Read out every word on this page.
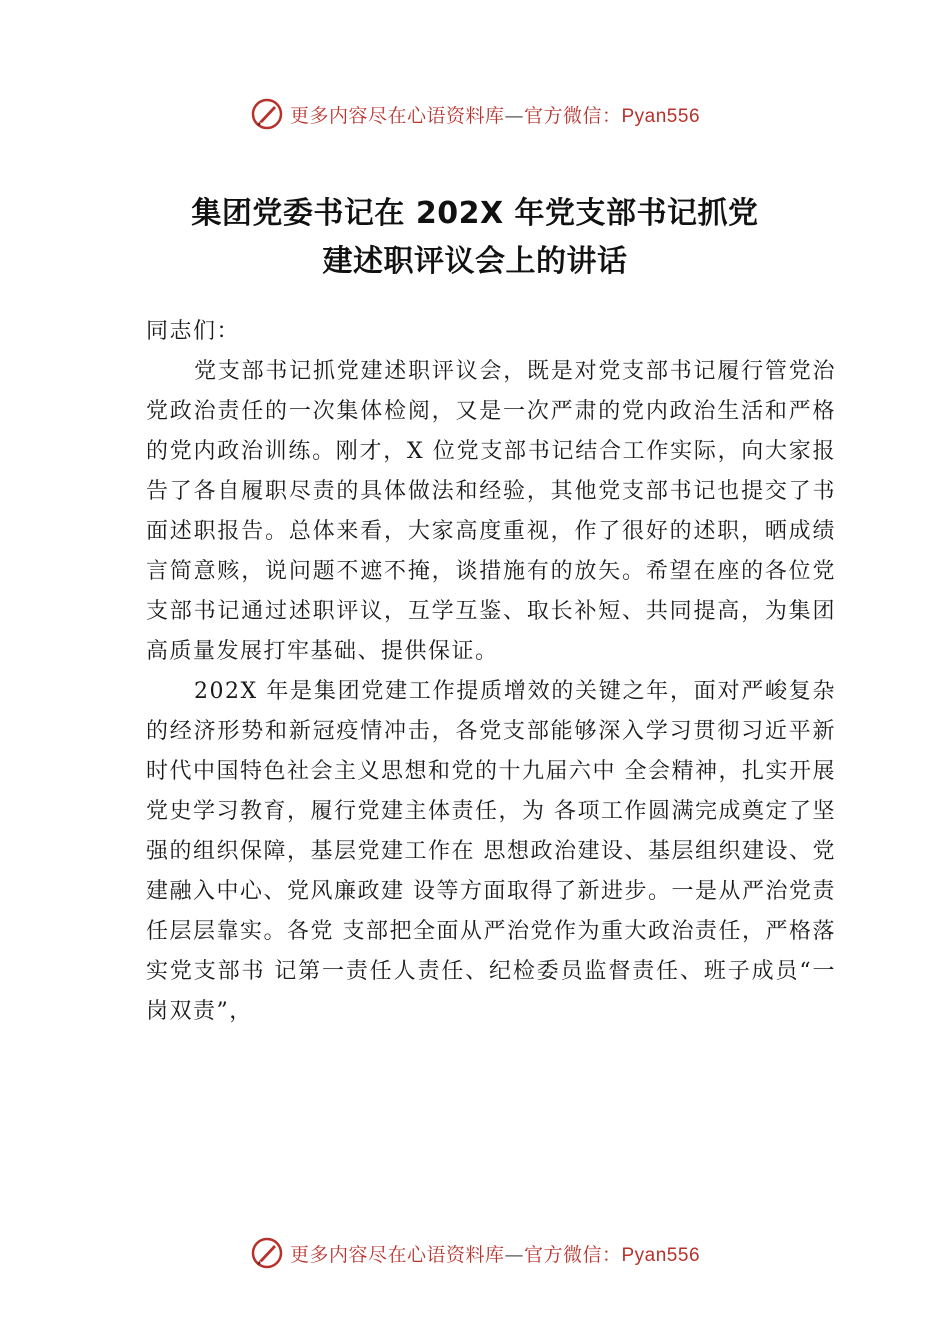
更多内容尽在心语资料库—官方微信：Pyan556
集团党委书记在 202X 年党支部书记抓党
建述职评议会上的讲话

同志们：

党支部书记抓党建述职评议会，既是对党支部书记履行管党治党政治责任的一次集体检阅，又是一次严肃的党内政治生活和严格的党内政治训练。刚才，X 位党支部书记结合工作实际，向大家报告了各自履职尽责的具体做法和经验，其他党支部书记也提交了书面述职报告。总体来看，大家高度重视，作了很好的述职，晒成绩言简意赅，说问题不遮不掩，谈措施有的放矢。希望在座的各位党支部书记通过述职评议，互学互鉴、取长补短、共同提高，为集团高质量发展打牢基础、提供保证。

202X 年是集团党建工作提质增效的关键之年，面对严峻复杂的经济形势和新冠疫情冲击，各党支部能够深入学习贯彻习近平新时代中国特色社会主义思想和党的十九届六中 全会精神，扎实开展党史学习教育，履行党建主体责任，为 各项工作圆满完成奠定了坚强的组织保障，基层党建工作在 思想政治建设、基层组织建设、党建融入中心、党风廉政建 设等方面取得了新进步。一是从严治党责任层层靠实。各党 支部把全面从严治党作为重大政治责任，严格落实党支部书 记第一责任人责任、纪检委员监督责任、班子成员“一岗双责”，

更多内容尽在心语资料库—官方微信：Pyan556
